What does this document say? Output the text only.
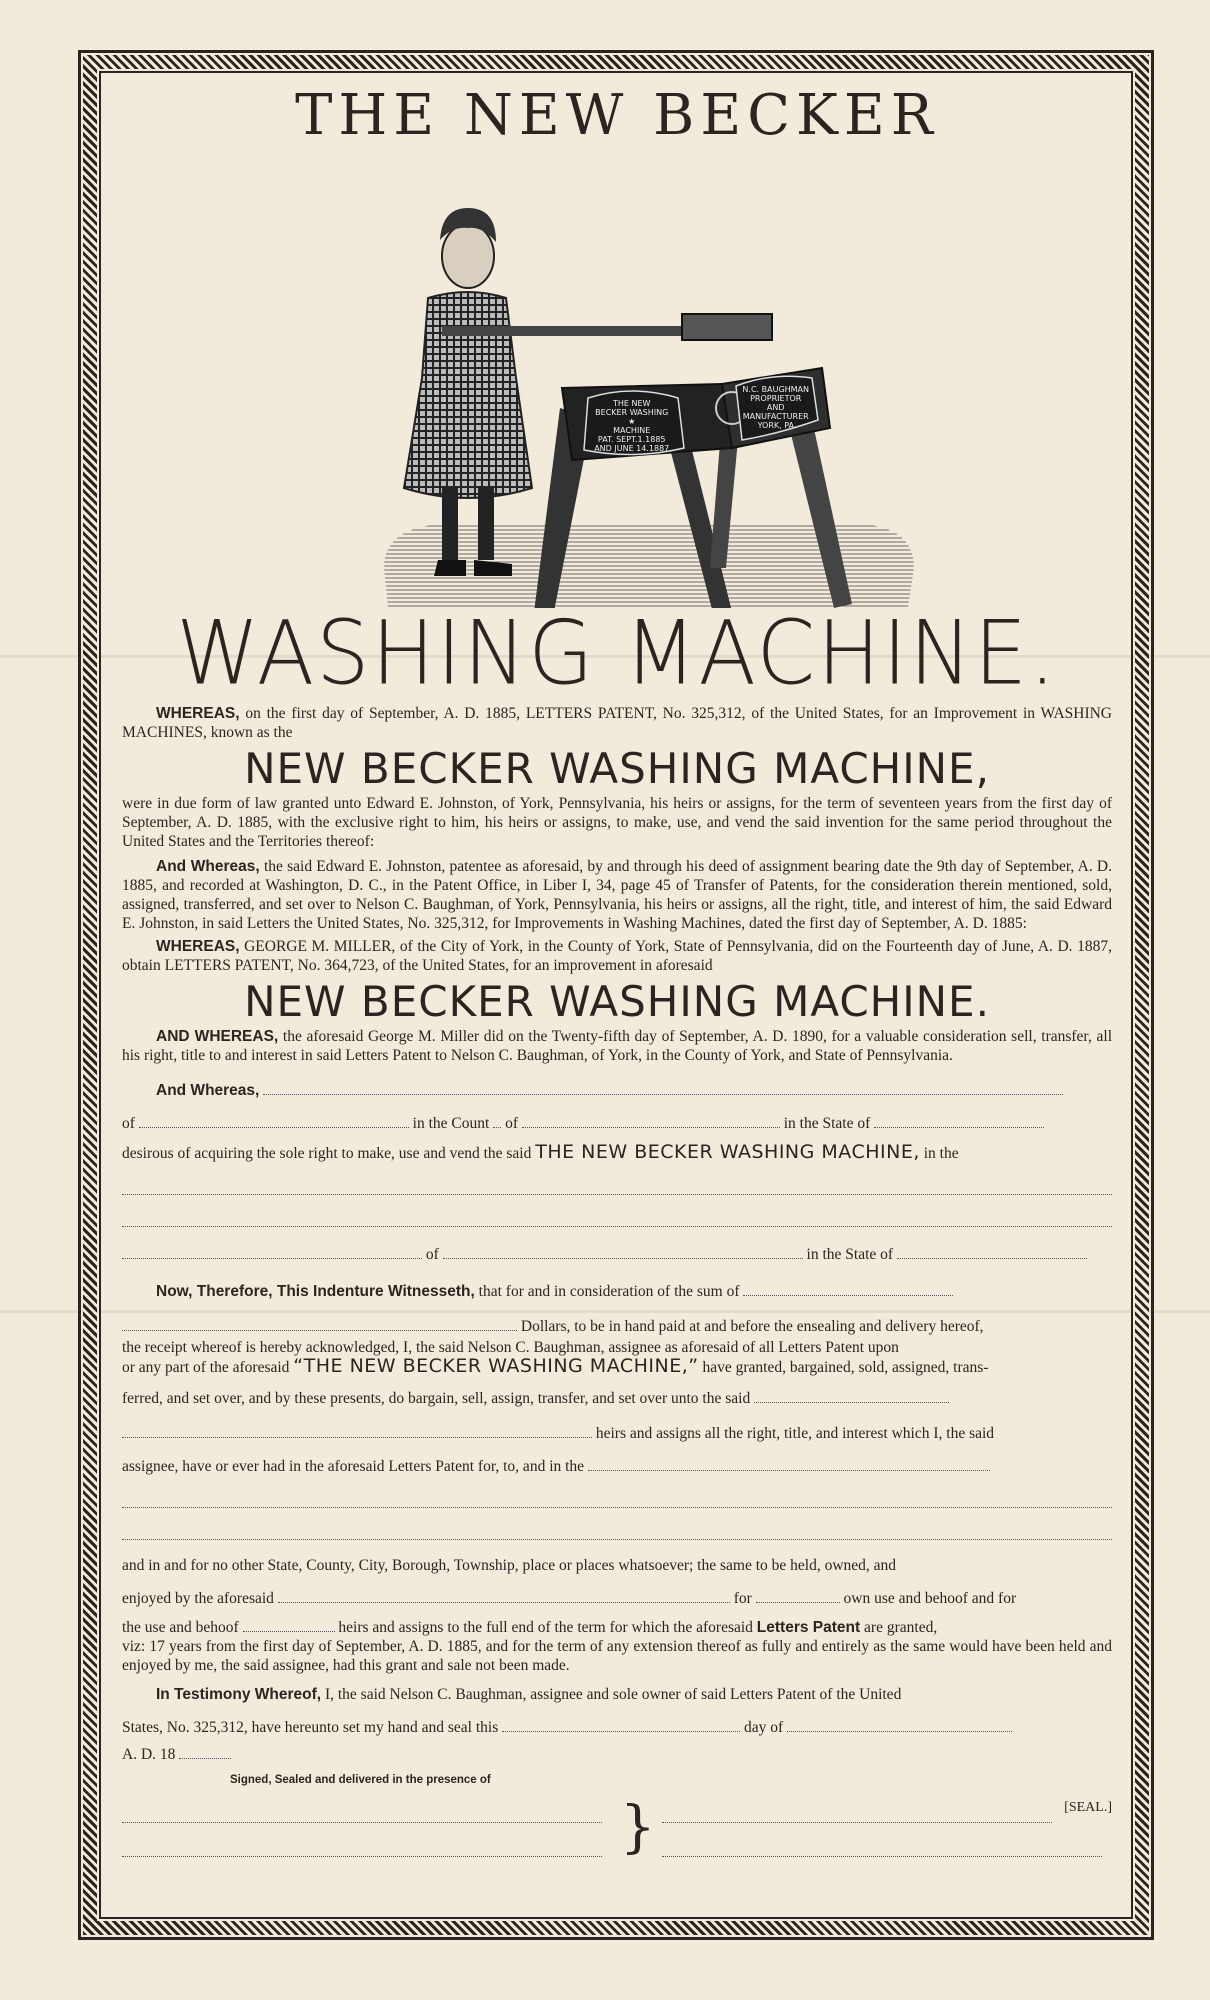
THE NEW BECKER
THE NEW BECKER WASHING ★ MACHINE PAT. SEPT.1.1885 AND JUNE 14.1887.
N.C. BAUGHMAN PROPRIETOR AND MANUFACTURER YORK, PA.
WASHING MACHINE.

WHEREAS, on the first day of September, A. D. 1885, LETTERS PATENT, No. 325,312, of the United States, for an Improvement in WASHING MACHINES, known as the

NEW BECKER WASHING MACHINE,

were in due form of law granted unto Edward E. Johnston, of York, Pennsylvania, his heirs or assigns, for the term of seventeen years from the first day of September, A. D. 1885, with the exclusive right to him, his heirs or assigns, to make, use, and vend the said invention for the same period throughout the United States and the Territories thereof:

And Whereas, the said Edward E. Johnston, patentee as aforesaid, by and through his deed of assignment bearing date the 9th day of September, A. D. 1885, and recorded at Washington, D. C., in the Patent Office, in Liber I, 34, page 45 of Transfer of Patents, for the consideration therein mentioned, sold, assigned, transferred, and set over to Nelson C. Baughman, of York, Pennsylvania, his heirs or assigns, all the right, title, and interest of him, the said Edward E. Johnston, in said Letters the United States, No. 325,312, for Improvements in Washing Machines, dated the first day of September, A. D. 1885:

WHEREAS, GEORGE M. MILLER, of the City of York, in the County of York, State of Pennsylvania, did on the Fourteenth day of June, A. D. 1887, obtain LETTERS PATENT, No. 364,723, of the United States, for an improvement in aforesaid

NEW BECKER WASHING MACHINE.

AND WHEREAS, the aforesaid George M. Miller did on the Twenty-fifth day of September, A. D. 1890, for a valuable consideration sell, transfer, all his right, title to and interest in said Letters Patent to Nelson C. Baughman, of York, in the County of York, and State of Pennsylvania.

And Whereas,
of	in the Count of	in the State of
desirous of acquiring the sole right to make, use and vend the said THE NEW BECKER WASHING MACHINE, in the
of	in the State of
Now, Therefore, This Indenture Witnesseth, that for and in consideration of the sum of
Dollars, to be in hand paid at and before the ensealing and delivery hereof,

the receipt whereof is hereby acknowledged, I, the said Nelson C. Baughman, assignee as aforesaid of all Letters Patent upon

or any part of the aforesaid “THE NEW BECKER WASHING MACHINE,” have granted, bargained, sold, assigned, trans-

ferred, and set over, and by these presents, do bargain, sell, assign, transfer, and set over unto the said
heirs and assigns all the right, title, and interest which I, the said
assignee, have or ever had in the aforesaid Letters Patent for, to, and in the
and in and for no other State, County, City, Borough, Township, place or places whatsoever; the same to be held, owned, and
enjoyed by the aforesaid	for	own use and behoof and for
the use and behoof	heirs and assigns to the full end of the term for which the aforesaid Letters Patent are granted,

viz: 17 years from the first day of September, A. D. 1885, and for the term of any extension thereof as fully and entirely as the same would have been held and enjoyed by me, the said assignee, had this grant and sale not been made.

In Testimony Whereof, I, the said Nelson C. Baughman, assignee and sole owner of said Letters Patent of the United
States, No. 325,312, have hereunto set my hand and seal this	day of
A. D. 18
Signed, Sealed and delivered in the presence of
}	[SEAL.]
